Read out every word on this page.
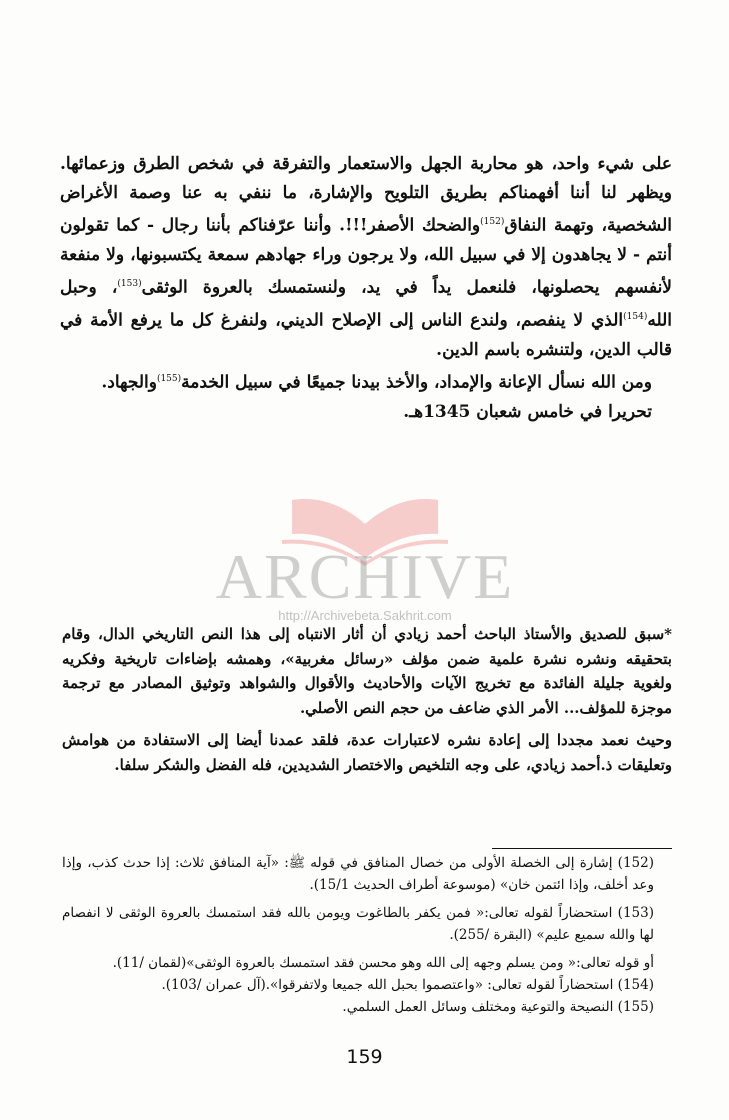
على شيء واحد، هو محاربة الجهل والاستعمار والتفرقة في شخص الطرق وزعمائها. ويظهر لنا أننا أفهمناكم بطريق التلويح والإشارة، ما ننفي به عنا وصمة الأغراض الشخصية، وتهمة النفاق$^{(152)}$والضحك الأصفر!!!. وأننا عرّفناكم بأننا رجال - كما تقولون أنتم - لا يجاهدون إلا في سبيل الله، ولا يرجون وراء جهادهم سمعة يكتسبونها، ولا منفعة لأنفسهم يحصلونها، فلنعمل يداً في يد، ولنستمسك بالعروة الوثقى$^{(153)}$، وحبل الله$^{(154)}$الذي لا ينفصم، ولندع الناس إلى الإصلاح الديني، ولنفرغ كل ما يرفع الأمة في قالب الدين، ولتنشره باسم الدين.

ومن الله نسأل الإعانة والإمداد، والأخذ بيدنا جميعًا في سبيل الخدمة$^{(155)}$والجهاد.

تحريرا في خامس شعبان 1345هـ.

ARCHIVE
http://Archivebeta.Sakhrit.com

*سبق للصديق والأستاذ الباحث أحمد زيادي أن أثار الانتباه إلى هذا النص التاريخي الدال، وقام بتحقيقه ونشره نشرة علمية ضمن مؤلف «رسائل مغربية»، وهمشه بإضاءات تاريخية وفكريه ولغوية جليلة الفائدة مع تخريج الآيات والأحاديث والأقوال والشواهد وتوثيق المصادر مع ترجمة موجزة للمؤلف... الأمر الذي ضاعف من حجم النص الأصلي.

وحيث نعمد مجددا إلى إعادة نشره لاعتبارات عدة، فلقد عمدنا أيضا إلى الاستفادة من هوامش وتعليقات ذ.أحمد زيادي، على وجه التلخيص والاختصار الشديدين، فله الفضل والشكر سلفا.

(152) إشارة إلى الخصلة الأولى من خصال المنافق في قوله ﷺ: «آية المنافق ثلاث: إذا حدث كذب، وإذا وعد أخلف، وإذا ائتمن خان» (موسوعة أطراف الحديث 15/1).

(153) استحضاراً لقوله تعالى:« فمن يكفر بالطاغوت ويومن بالله فقد استمسك بالعروة الوثقى لا انفصام لها والله سميع عليم» (البقرة /255).

أو قوله تعالى:« ومن يسلم وجهه إلى الله وهو محسن فقد استمسك بالعروة الوثقى»(لقمان /11).

(154) استحضاراً لقوله تعالى: «واعتصموا بحبل الله جميعا ولاتفرقوا».(آل عمران /103).

(155) النصيحة والتوعية ومختلف وسائل العمل السلمي.

159
